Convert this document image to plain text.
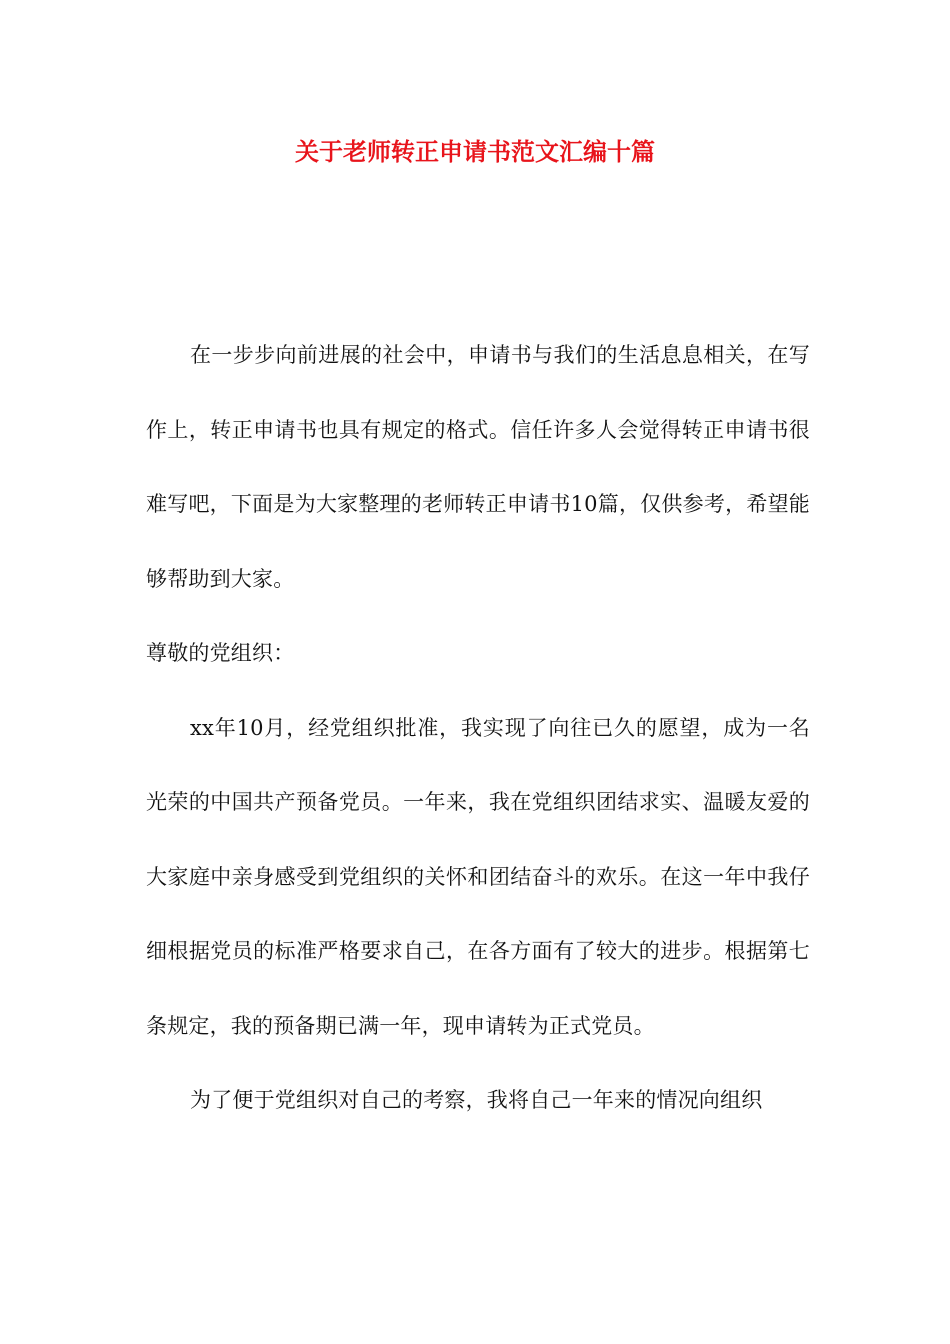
关于老师转正申请书范文汇编十篇

在一步步向前进展的社会中，申请书与我们的生活息息相关，在写作上，转正申请书也具有规定的格式。信任许多人会觉得转正申请书很难写吧，下面是为大家整理的老师转正申请书10篇，仅供参考，希望能够帮助到大家。

尊敬的党组织：

xx年10月，经党组织批准，我实现了向往已久的愿望，成为一名光荣的中国共产预备党员。一年来，我在党组织团结求实、温暖友爱的大家庭中亲身感受到党组织的关怀和团结奋斗的欢乐。在这一年中我仔细根据党员的标准严格要求自己，在各方面有了较大的进步。根据第七条规定，我的预备期已满一年，现申请转为正式党员。

为了便于党组织对自己的考察，我将自己一年来的情况向组织
